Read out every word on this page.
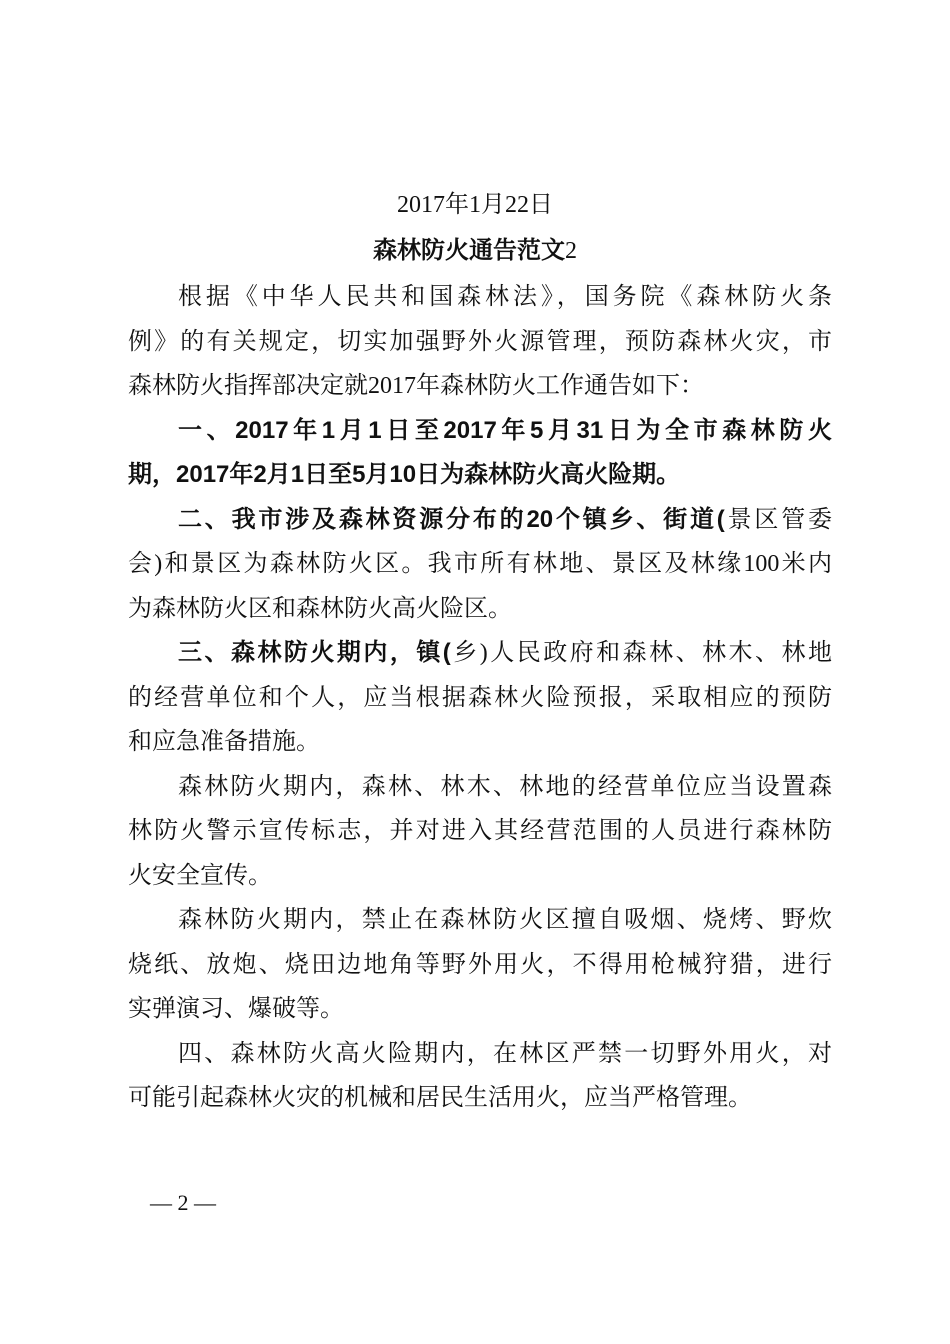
2017年1月22日
森林防火通告范文2
根据《中华人民共和国森林法》，国务院《森林防火条
例》的有关规定，切实加强野外火源管理，预防森林火灾，市
森林防火指挥部决定就2017年森林防火工作通告如下：
一、2017年1月1日至2017年5月31日为全市森林防火
期，2017年2月1日至5月10日为森林防火高火险期。
二、我市涉及森林资源分布的20个镇乡、街道(景区管委
会)和景区为森林防火区。我市所有林地、景区及林缘100米内
为森林防火区和森林防火高火险区。
三、森林防火期内，镇(乡)人民政府和森林、林木、林地
的经营单位和个人，应当根据森林火险预报，采取相应的预防
和应急准备措施。
森林防火期内，森林、林木、林地的经营单位应当设置森
林防火警示宣传标志，并对进入其经营范围的人员进行森林防
火安全宣传。
森林防火期内，禁止在森林防火区擅自吸烟、烧烤、野炊
烧纸、放炮、烧田边地角等野外用火，不得用枪械狩猎，进行
实弹演习、爆破等。
四、森林防火高火险期内，在林区严禁一切野外用火，对
可能引起森林火灾的机械和居民生活用火，应当严格管理。
— 2 —
